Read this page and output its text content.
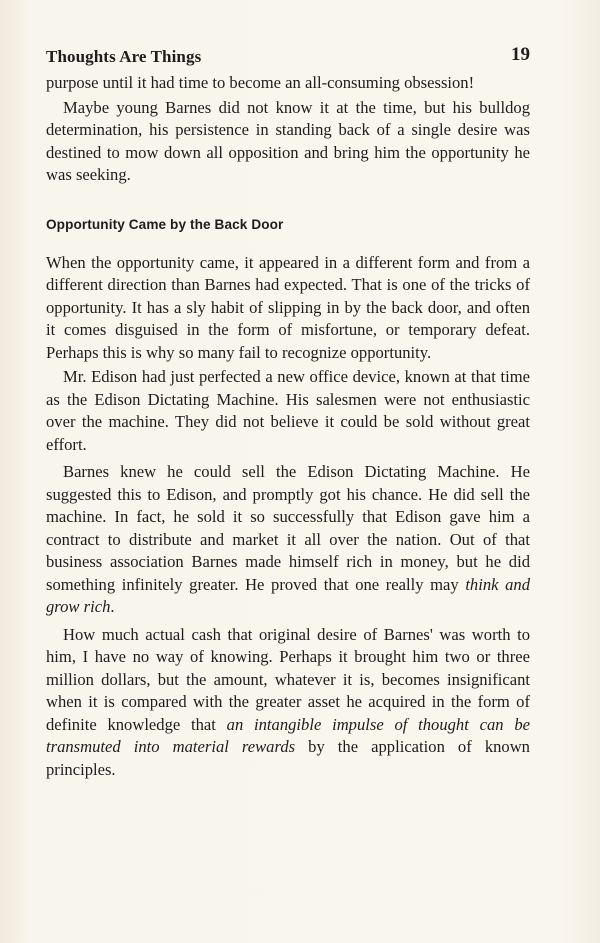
Thoughts Are Things	19

purpose until it had time to become an all-consuming obsession!

Maybe young Barnes did not know it at the time, but his bulldog determination, his persistence in standing back of a single desire was destined to mow down all opposition and bring him the opportunity he was seeking.

Opportunity Came by the Back Door

When the opportunity came, it appeared in a different form and from a different direction than Barnes had expected. That is one of the tricks of opportunity. It has a sly habit of slipping in by the back door, and often it comes disguised in the form of misfortune, or temporary defeat. Perhaps this is why so many fail to recognize opportunity.

Mr. Edison had just perfected a new office device, known at that time as the Edison Dictating Machine. His salesmen were not enthusiastic over the machine. They did not believe it could be sold without great effort.

Barnes knew he could sell the Edison Dictating Machine. He suggested this to Edison, and promptly got his chance. He did sell the machine. In fact, he sold it so successfully that Edison gave him a contract to distribute and market it all over the nation. Out of that business association Barnes made himself rich in money, but he did something infinitely greater. He proved that one really may think and grow rich.

How much actual cash that original desire of Barnes' was worth to him, I have no way of knowing. Perhaps it brought him two or three million dollars, but the amount, whatever it is, becomes insignificant when it is compared with the greater asset he acquired in the form of definite knowledge that an intangible impulse of thought can be transmuted into material rewards by the application of known principles.
